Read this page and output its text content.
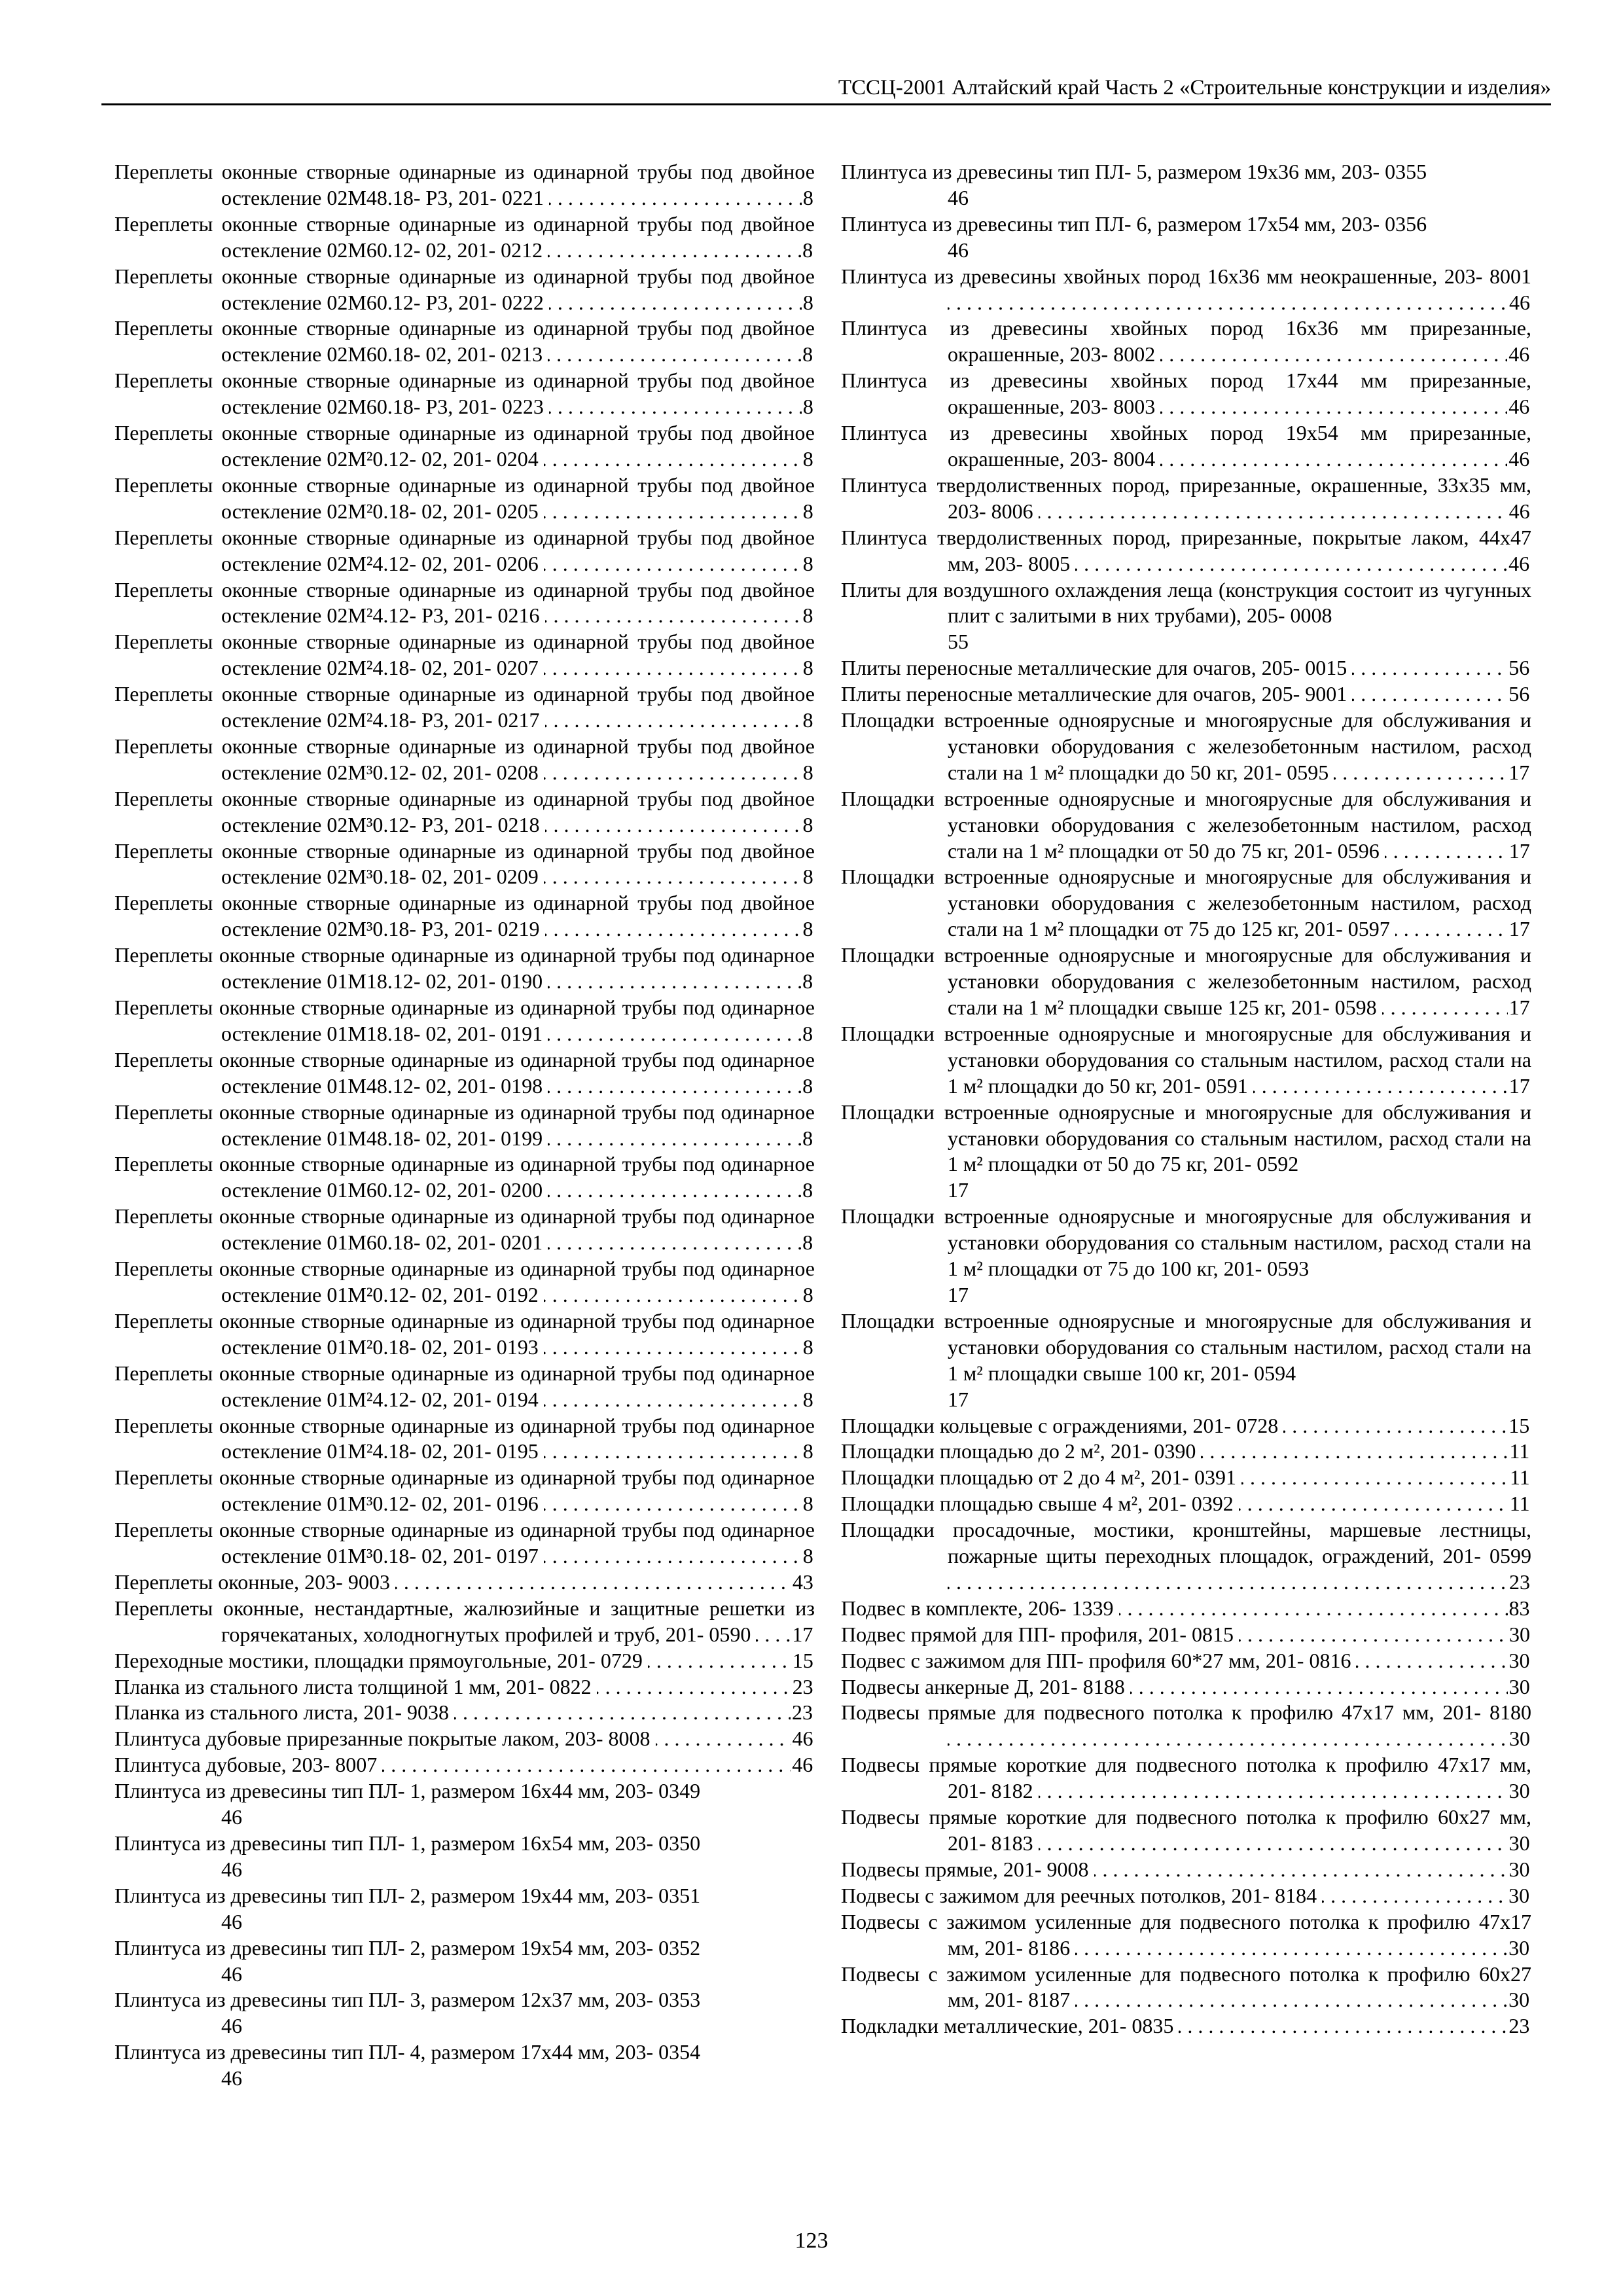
ТССЦ-2001 Алтайский край Часть 2 «Строительные конструкции и изделия»

Переплеты оконные створные одинарные из одинарной трубы под двойное остекление 02М48.18- Р3, 201- 0221 . . .	8

Переплеты оконные створные одинарные из одинарной трубы под двойное остекление 02М60.12- 02, 201- 0212 . . .	8

Переплеты оконные створные одинарные из одинарной трубы под двойное остекление 02М60.12- Р3, 201- 0222 . . .	8

Переплеты оконные створные одинарные из одинарной трубы под двойное остекление 02М60.18- 02, 201- 0213 . . .	8

Переплеты оконные створные одинарные из одинарной трубы под двойное остекление 02М60.18- Р3, 201- 0223 . . .	8

Переплеты оконные створные одинарные из одинарной трубы под двойное остекление 02М²0.12- 02, 201- 0204 . . .	8

Переплеты оконные створные одинарные из одинарной трубы под двойное остекление 02М²0.18- 02, 201- 0205 . . .	8

Переплеты оконные створные одинарные из одинарной трубы под двойное остекление 02М²4.12- 02, 201- 0206 . . .	8

Переплеты оконные створные одинарные из одинарной трубы под двойное остекление 02М²4.12- Р3, 201- 0216 . . .	8

Переплеты оконные створные одинарные из одинарной трубы под двойное остекление 02М²4.18- 02, 201- 0207 . . .	8

Переплеты оконные створные одинарные из одинарной трубы под двойное остекление 02М²4.18- Р3, 201- 0217 . . .	8

Переплеты оконные створные одинарные из одинарной трубы под двойное остекление 02М³0.12- 02, 201- 0208 . . .	8

Переплеты оконные створные одинарные из одинарной трубы под двойное остекление 02М³0.12- Р3, 201- 0218 . . .	8

Переплеты оконные створные одинарные из одинарной трубы под двойное остекление 02М³0.18- 02, 201- 0209 . . .	8

Переплеты оконные створные одинарные из одинарной трубы под двойное остекление 02М³0.18- Р3, 201- 0219 . . .	8

Переплеты оконные створные одинарные из одинарной трубы под одинарное остекление 01М18.12- 02, 201- 0190 . . .	8

Переплеты оконные створные одинарные из одинарной трубы под одинарное остекление 01М18.18- 02, 201- 0191 . . .	8

Переплеты оконные створные одинарные из одинарной трубы под одинарное остекление 01М48.12- 02, 201- 0198 . . .	8

Переплеты оконные створные одинарные из одинарной трубы под одинарное остекление 01М48.18- 02, 201- 0199 . . .	8

Переплеты оконные створные одинарные из одинарной трубы под одинарное остекление 01М60.12- 02, 201- 0200 . . .	8

Переплеты оконные створные одинарные из одинарной трубы под одинарное остекление 01М60.18- 02, 201- 0201 . . .	8

Переплеты оконные створные одинарные из одинарной трубы под одинарное остекление 01М²0.12- 02, 201- 0192 . . .	8

Переплеты оконные створные одинарные из одинарной трубы под одинарное остекление 01М²0.18- 02, 201- 0193 . . .	8

Переплеты оконные створные одинарные из одинарной трубы под одинарное остекление 01М²4.12- 02, 201- 0194 . . .	8

Переплеты оконные створные одинарные из одинарной трубы под одинарное остекление 01М²4.18- 02, 201- 0195 . . .	8

Переплеты оконные створные одинарные из одинарной трубы под одинарное остекление 01М³0.12- 02, 201- 0196 . . .	8

Переплеты оконные створные одинарные из одинарной трубы под одинарное остекление 01М³0.18- 02, 201- 0197 . . .	8

Переплеты оконные, 203- 9003 . . .	43

Переплеты оконные, нестандартные, жалюзийные и защитные решетки из горячекатаных, холодногнутых профилей и труб, 201- 0590 . . . 17

Переходные мостики, площадки прямоугольные, 201- 0729 . . .	15

Планка из стального листа толщиной 1 мм, 201- 0822 . . .	23

Планка из стального листа, 201- 9038 . . .	23

Плинтуса дубовые прирезанные покрытые лаком, 203- 8008 . . .	46

Плинтуса дубовые, 203- 8007 . . .	46

Плинтуса из древесины тип ПЛ- 1, размером 16х44 мм, 203- 0349
46

Плинтуса из древесины тип ПЛ- 1, размером 16х54 мм, 203- 0350
46

Плинтуса из древесины тип ПЛ- 2, размером 19х44 мм, 203- 0351
46

Плинтуса из древесины тип ПЛ- 2, размером 19х54 мм, 203- 0352
46

Плинтуса из древесины тип ПЛ- 3, размером 12х37 мм, 203- 0353
46

Плинтуса из древесины тип ПЛ- 4, размером 17х44 мм, 203- 0354
46

Плинтуса из древесины тип ПЛ- 5, размером 19х36 мм, 203- 0355
46

Плинтуса из древесины тип ПЛ- 6, размером 17х54 мм, 203- 0356
46

Плинтуса из древесины хвойных пород 16х36 мм неокрашенные, 203- 8001 . . .46

Плинтуса из древесины хвойных пород 16х36 мм прирезанные, окрашенные, 203- 8002 . . .	46

Плинтуса из древесины хвойных пород 17х44 мм прирезанные, окрашенные, 203- 8003 . . .	46

Плинтуса из древесины хвойных пород 19х54 мм прирезанные, окрашенные, 203- 8004 . . .	46

Плинтуса твердолиственных пород, прирезанные, окрашенные, 33х35 мм, 203- 8006 . . .	46

Плинтуса твердолиственных пород, прирезанные, покрытые лаком, 44х47 мм, 203- 8005 . . .	46

Плиты для воздушного охлаждения леща (конструкция состоит из чугунных плит с залитыми в них трубами), 205- 0008
55

Плиты переносные металлические для очагов, 205- 0015 . . .	56

Плиты переносные металлические для очагов, 205- 9001 . . .	56

Площадки встроенные одноярусные и многоярусные для обслуживания и установки оборудования с железобетонным настилом, расход стали на 1 м² площадки до 50 кг, 201- 0595 . . .	17

Площадки встроенные одноярусные и многоярусные для обслуживания и установки оборудования с железобетонным настилом, расход стали на 1 м² площадки от 50 до 75 кг, 201- 0596 . . .	17

Площадки встроенные одноярусные и многоярусные для обслуживания и установки оборудования с железобетонным настилом, расход стали на 1 м² площадки от 75 до 125 кг, 201- 0597 . . .	17

Площадки встроенные одноярусные и многоярусные для обслуживания и установки оборудования с железобетонным настилом, расход стали на 1 м² площадки свыше 125 кг, 201- 0598 . . .	17

Площадки встроенные одноярусные и многоярусные для обслуживания и установки оборудования со стальным настилом, расход стали на 1 м² площадки до 50 кг, 201- 0591 . . .	17

Площадки встроенные одноярусные и многоярусные для обслуживания и установки оборудования со стальным настилом, расход стали на 1 м² площадки от 50 до 75 кг, 201- 0592
17

Площадки встроенные одноярусные и многоярусные для обслуживания и установки оборудования со стальным настилом, расход стали на 1 м² площадки от 75 до 100 кг, 201- 0593
17

Площадки встроенные одноярусные и многоярусные для обслуживания и установки оборудования со стальным настилом, расход стали на 1 м² площадки свыше 100 кг, 201- 0594
17

Площадки кольцевые с ограждениями, 201- 0728 . . .	15

Площадки площадью до 2 м², 201- 0390 . . .	11

Площадки площадью от 2 до 4 м², 201- 0391 . . .	11

Площадки площадью свыше 4 м², 201- 0392 . . .	11

Площадки просадочные, мостики, кронштейны, маршевые лестницы, пожарные щиты переходных площадок, ограждений, 201- 0599 . . .23

Подвес в комплекте, 206- 1339 . . .	83

Подвес прямой для ПП- профиля, 201- 0815 . . .	30

Подвес с зажимом для ПП- профиля 60*27 мм, 201- 0816 . . .	30

Подвесы анкерные Д, 201- 8188 . . .	30

Подвесы прямые для подвесного потолка к профилю 47х17 мм, 201- 8180 . . .30

Подвесы прямые короткие для подвесного потолка к профилю 47х17 мм, 201- 8182 . . .	30

Подвесы прямые короткие для подвесного потолка к профилю 60х27 мм, 201- 8183 . . .	30

Подвесы прямые, 201- 9008 . . .	30

Подвесы с зажимом для реечных потолков, 201- 8184 . . .	30

Подвесы с зажимом усиленные для подвесного потолка к профилю 47х17 мм, 201- 8186 . . .	30

Подвесы с зажимом усиленные для подвесного потолка к профилю 60х27 мм, 201- 8187 . . .	30

Подкладки металлические, 201- 0835 . . .	23

123
